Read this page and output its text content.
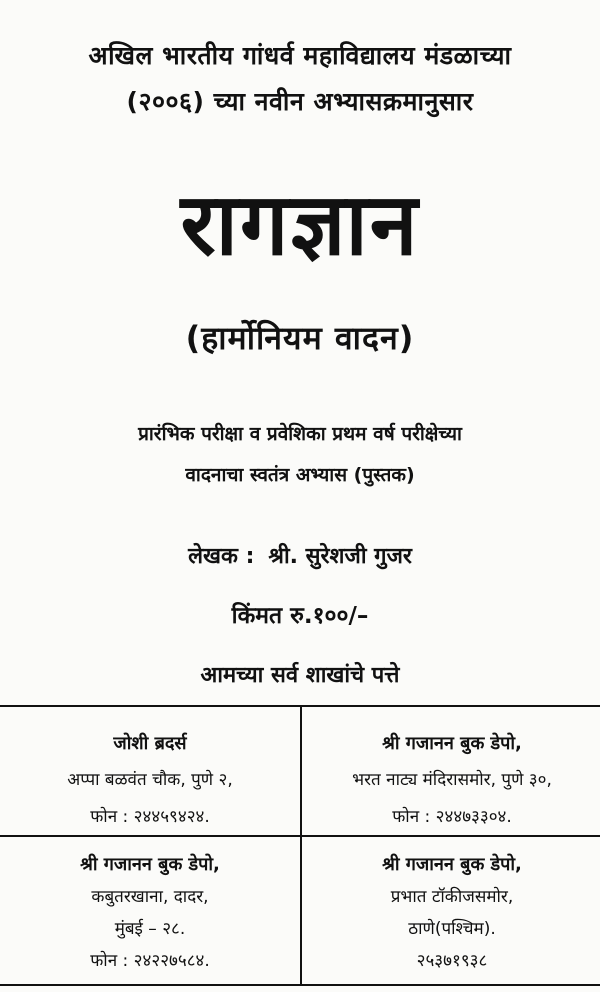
अखिल भारतीय गांधर्व महाविद्यालय मंडळाच्या
(२००६) च्या नवीन अभ्यासक्रमानुसार
रागज्ञान
(हार्मोनियम वादन)
प्रारंभिक परीक्षा व प्रवेशिका प्रथम वर्ष परीक्षेच्या
वादनाचा स्वतंत्र अभ्यास (पुस्तक)
लेखक : श्री. सुरेशजी गुजर
किंमत रु.१००/–
आमच्या सर्व शाखांचे पत्ते
जोशी ब्रदर्स
अप्पा बळवंत चौक, पुणे २,
फोन : २४४५९४२४.
श्री गजानन बुक डेपो,
भरत नाट्य मंदिरासमोर, पुणे ३०,
फोन : २४४७३३०४.
श्री गजानन बुक डेपो,
कबुतरखाना, दादर,
मुंबई – २८.
फोन : २४२२७५८४.
श्री गजानन बुक डेपो,
प्रभात टॉकीजसमोर,
ठाणे(पश्चिम).
२५३७१९३८
